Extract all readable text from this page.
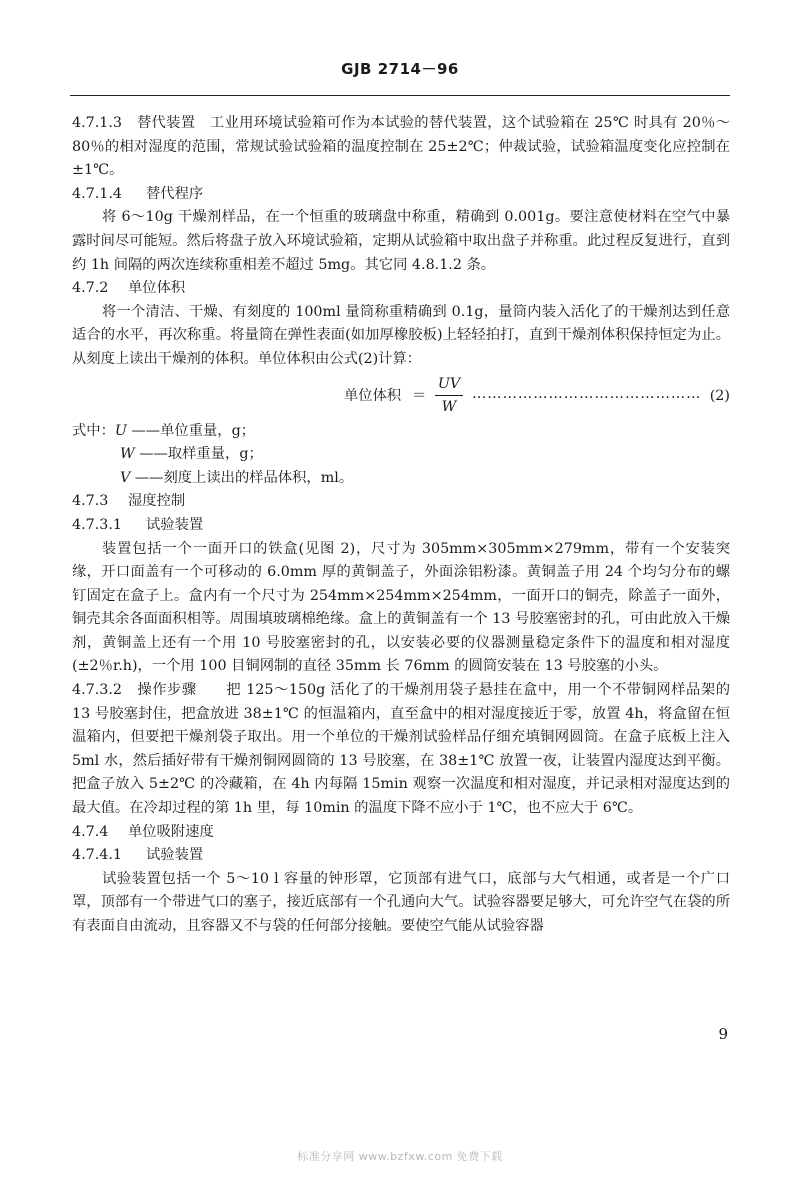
GJB 2714－96

4.7.1.3　 替代装置　工业用环境试验箱可作为本试验的替代装置，这个试验箱在 25℃ 时具有 20％～80％的相对湿度的范围，常规试验试验箱的温度控制在 25±2℃；仲裁试验，试验箱温度变化应控制在±1℃。

4.7.1.4 替代程序

将 6～10g 干燥剂样品，在一个恒重的玻璃盘中称重，精确到 0.001g。要注意使材料在空气中暴露时间尽可能短。然后将盘子放入环境试验箱，定期从试验箱中取出盘子并称重。此过程反复进行，直到约 1h 间隔的两次连续称重相差不超过 5mg。其它同 4.8.1.2 条。

4.7.2 单位体积

将一个清洁、干燥、有刻度的 100ml 量筒称重精确到 0.1g，量筒内装入活化了的干燥剂达到任意适合的水平，再次称重。将量筒在弹性表面(如加厚橡胶板)上轻轻拍打，直到干燥剂体积保持恒定为止。从刻度上读出干燥剂的体积。单位体积由公式(2)计算：

单位体积 ＝ $\frac{UV}{W}$ ……………………………………… (2)

式中：U ——单位重量，g；

W ——取样重量，g；

V ——刻度上读出的样品体积，ml。

4.7.3 湿度控制

4.7.3.1 试验装置

装置包括一个一面开口的铁盒(见图 2)，尺寸为 305mm×305mm×279mm，带有一个安装突缘，开口面盖有一个可移动的 6.0mm 厚的黄铜盖子，外面涂铝粉漆。黄铜盖子用 24 个均匀分布的螺钉固定在盒子上。盒内有一个尺寸为 254mm×254mm×254mm，一面开口的铜壳，除盖子一面外，铜壳其余各面面积相等。周围填玻璃棉绝缘。盒上的黄铜盖有一个 13 号胶塞密封的孔，可由此放入干燥剂，黄铜盖上还有一个用 10 号胶塞密封的孔，以安装必要的仪器测量稳定条件下的温度和相对湿度(±2％r.h)，一个用 100 目铜网制的直径 35mm 长 76mm 的圆筒安装在 13 号胶塞的小头。

4.7.3.2　 操作步骤　　把 125～150g 活化了的干燥剂用袋子悬挂在盒中，用一个不带铜网样品架的 13 号胶塞封住，把盒放进 38±1℃ 的恒温箱内，直至盒中的相对湿度接近于零，放置 4h，将盒留在恒温箱内，但要把干燥剂袋子取出。用一个单位的干燥剂试验样品仔细充填铜网圆筒。在盒子底板上注入 5ml 水，然后插好带有干燥剂铜网圆筒的 13 号胶塞，在 38±1℃ 放置一夜，让装置内湿度达到平衡。把盒子放入 5±2℃ 的冷藏箱，在 4h 内每隔 15min 观察一次温度和相对湿度，并记录相对湿度达到的最大值。在冷却过程的第 1h 里，每 10min 的温度下降不应小于 1℃，也不应大于 6℃。

4.7.4 单位吸附速度

4.7.4.1 试验装置

试验装置包括一个 5～10 l 容量的钟形罩，它顶部有进气口，底部与大气相通，或者是一个广口罩，顶部有一个带进气口的塞子，接近底部有一个孔通向大气。试验容器要足够大，可允许空气在袋的所有表面自由流动，且容器又不与袋的任何部分接触。要使空气能从试验容器

9
标准分享网 www.bzfxw.com 免费下载
